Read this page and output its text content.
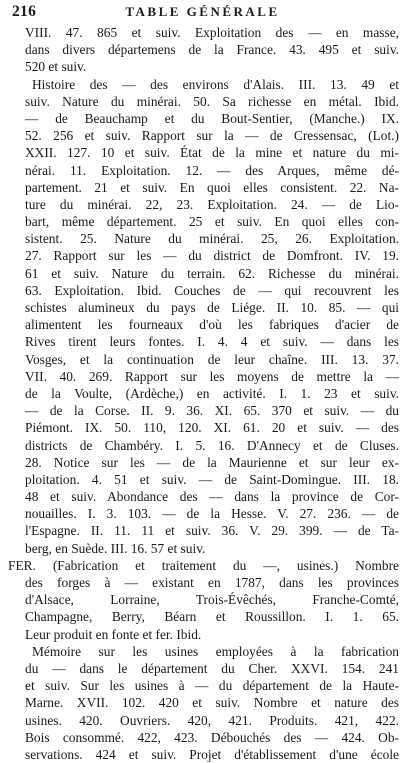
216	TABLE GÉNÉRALE
VIII. 47. 865 et suiv. Exploitation des — en masse,
dans divers départemens de la France. 43. 495 et suiv.
520 et suiv.
Histoire des — des environs d'Alais. III. 13. 49 et
suiv. Nature du minérai. 50. Sa richesse en métal. Ibid.
— de Beauchamp et du Bout-Sentier, (Manche.) IX.
52. 256 et suiv. Rapport sur la — de Cressensac, (Lot.)
XXII. 127. 10 et suiv. État de la mine et nature du mi-
nérai. 11. Exploitation. 12. — des Arques, même dé-
partement. 21 et suiv. En quoi elles consistent. 22. Na-
ture du minérai. 22, 23. Exploitation. 24. — de Lio-
bart, même département. 25 et suiv. En quoi elles con-
sistent. 25. Nature du minérai. 25, 26. Exploitation.
27. Rapport sur les — du district de Domfront. IV. 19.
61 et suiv. Nature du terrain. 62. Richesse du minérai.
63. Exploitation. Ibid. Couches de — qui recouvrent les
schistes alumineux du pays de Liége. II. 10. 85. — qui
alimentent les fourneaux d'où les fabriques d'acier de
Rives tirent leurs fontes. I. 4. 4 et suiv. — dans les
Vosges, et la continuation de leur chaîne. III. 13. 37.
VII. 40. 269. Rapport sur les moyens de mettre la —
de la Voulte, (Ardèche,) en activité. I. 1. 23 et suiv.
— de la Corse. II. 9. 36. XI. 65. 370 et suiv. — du
Piémont. IX. 50. 110, 120. XI. 61. 20 et suiv. — des
districts de Chambéry. I. 5. 16. D'Annecy et de Cluses.
28. Notice sur les — de la Maurienne et sur leur ex-
ploitation. 4. 51 et suiv. — de Saint-Domingue. III. 18.
48 et suiv. Abondance des — dans la province de Cor-
nouailles. I. 3. 103. — de la Hesse. V. 27. 236. — de
l'Espagne. II. 11. 11 et suiv. 36. V. 29. 399. — de Ta-
berg, en Suède. III. 16. 57 et suiv.
FER. (Fabrication et traitement du —, usines.) Nombre
des forges à — existant en 1787, dans les provinces
d'Alsace, Lorraine, Trois-Évêchés, Franche-Comté,
Champagne, Berry, Béarn et Roussillon. I. 1. 65.
Leur produit en fonte et fer. Ibid.
Mémoire sur les usines employées à la fabrication
du — dans le département du Cher. XXVI. 154. 241
et suiv. Sur les usines à — du département de la Haute-
Marne. XVII. 102. 420 et suiv. Nombre et nature des
usines. 420. Ouvriers. 420, 421. Produits. 421, 422.
Bois consommé. 422, 423. Débouchés des — 424. Ob-
servations. 424 et suiv. Projet d'établissement d'une école
